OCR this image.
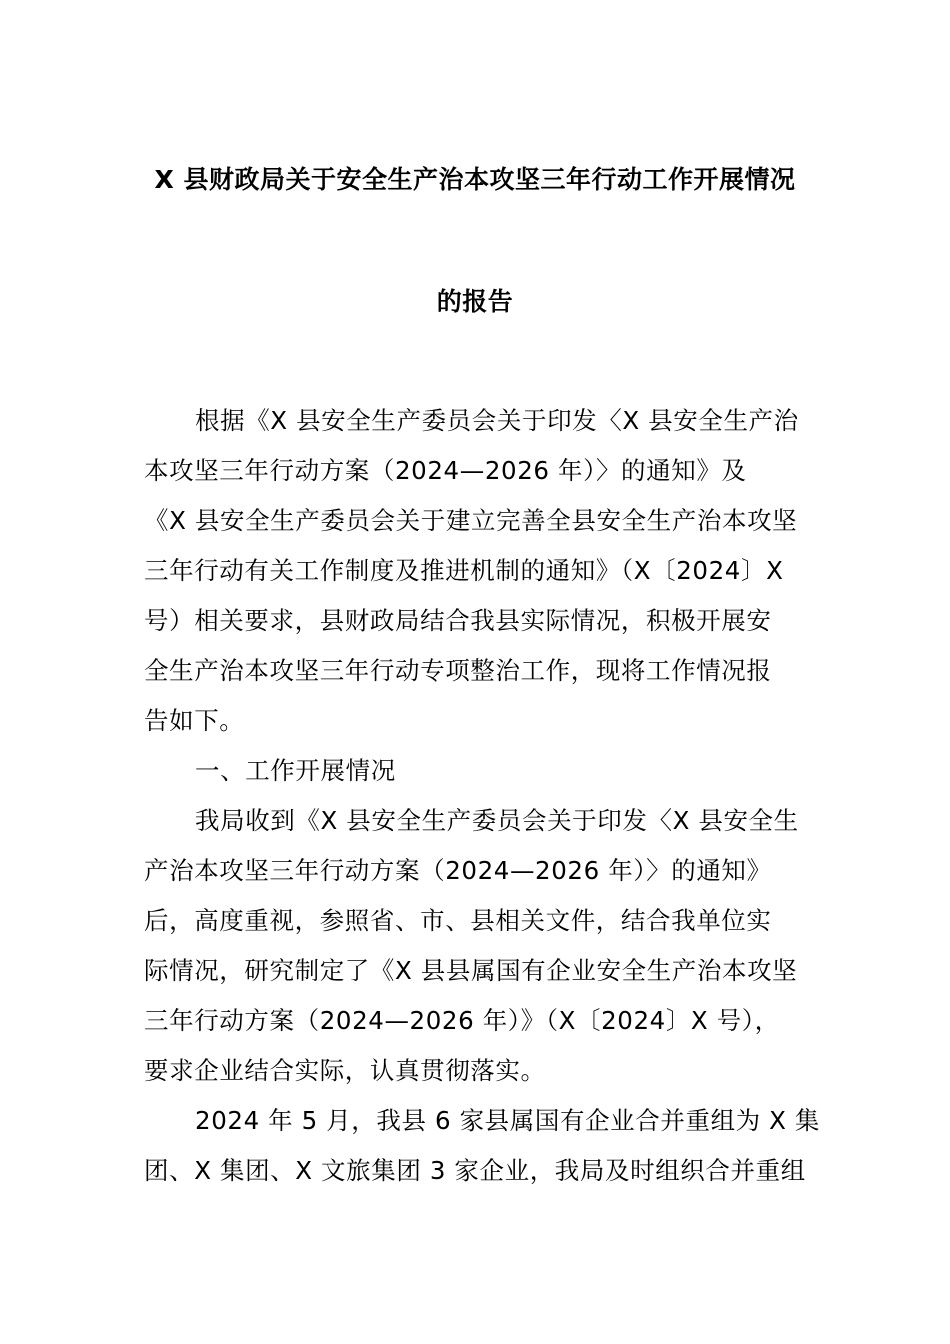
X 县财政局关于安全生产治本攻坚三年行动工作开展情况
的报告
根据《X 县安全生产委员会关于印发〈X 县安全生产治
本攻坚三年行动方案（2024—2026 年）〉的通知》及
《X 县安全生产委员会关于建立完善全县安全生产治本攻坚
三年行动有关工作制度及推进机制的通知》（X〔2024〕X
号）相关要求，县财政局结合我县实际情况，积极开展安
全生产治本攻坚三年行动专项整治工作，现将工作情况报
告如下。
一、工作开展情况
我局收到《X 县安全生产委员会关于印发〈X 县安全生
产治本攻坚三年行动方案（2024—2026 年）〉的通知》
后，高度重视，参照省、市、县相关文件，结合我单位实
际情况，研究制定了《X 县县属国有企业安全生产治本攻坚
三年行动方案（2024—2026 年）》（X〔2024〕X 号），
要求企业结合实际，认真贯彻落实。
2024 年 5 月，我县 6 家县属国有企业合并重组为 X 集
团、X 集团、X 文旅集团 3 家企业，我局及时组织合并重组
